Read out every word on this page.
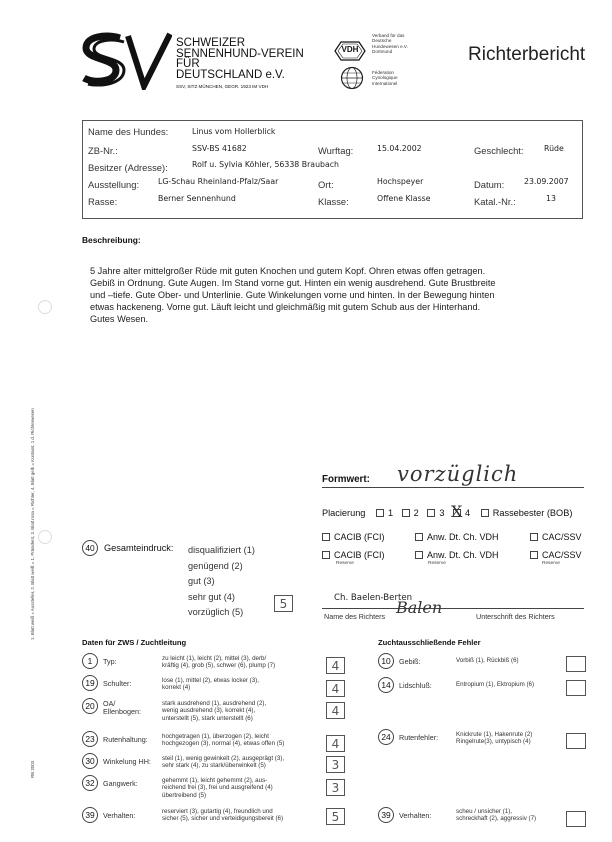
SCHWEIZER
SENNENHUND-VEREIN
FÜR
DEUTSCHLAND e.V.
SSV, SITZ MÜNCHEN, GEGR. 1923 IM VDH
VDH
Verband für das
Deutsche
Hundewesen e.V.
Dortmund
Féderation
Cynologique
Internationel
Richterbericht
Name des Hundes:	Linus vom Hollerblick
ZB-Nr.:	SSV-BS 41682	Wurftag:	15.04.2002	Geschlecht:	Rüde
Besitzer (Adresse):	Rolf u. Sylvia Köhler, 56338 Braubach
Ausstellung: LG-Schau Rheinland-Pfalz/Saar	Ort:	Hochspeyer	Datum:	23.09.2007
Rasse:	Berner Sennenhund	Klasse:	Offene Klasse	Katal.-Nr.:	13
Beschreibung:
5 Jahre alter mittelgroßer Rüde mit guten Knochen und gutem Kopf. Ohren etwas offen getragen.
Gebiß in Ordnung. Gute Augen. Im Stand vorne gut. Hinten ein wenig ausdrehend. Gute Brustbreite
und –tiefe. Gute Ober- und Unterlinie. Gute Winkelungen vorne und hinten. In der Bewegung hinten
etwas hackeneng. Vorne gut. Läuft leicht und gleichmäßig mit gutem Schub aus der Hinterhand.
Gutes Wesen.
1. Blatt weiß = Aussteller, 2. Blatt weiß = 1. Präsident, 3. Blatt rosa = Richter, 4. Blatt gelb = Kontaint, 1 d. Richterwesen
RB 2003
Formwert: vorzüglich
Placierung 1 2 3 4
X	Rassebester (BOB)
CACIB (FCI)	Anw. Dt. Ch. VDH	CAC/SSV
CACIB (FCI)	Anw. Dt. Ch. VDH	CAC/SSV
Reserve	Reserve	Reserve
40	Gesamteindruck: disqualifiziert (1)
genügend (2)
gut (3)
sehr gut (4)
vorzüglich (5)
5	Ch. Baelen-Berten
Name des Richters Balen	Unterschrift des Richters
Daten für ZWS / Zuchtleitung	Zuchtausschließende Fehler
1	Typ:	zu leicht (1), leicht (2), mittel (3), derb/
kräftig (4), grob (5), schwer (6), plump (7)	4
19	Schulter:	lose (1), mittel (2), etwas locker (3),
korrekt (4)	4
20	OA/
Ellenbogen:
stark ausdrehend (1), ausdrehend (2),
wenig ausdrehend (3), korrekt (4),
unterstellt (5), stark unterstellt (6)
4
23	Rutenhaltung: hochgetragen (1), überzogen (2), leicht
hochgezogen (3), normal (4), etwas offen (5)	4
30	Winkelung HH: steil (1), wenig gewinkelt (2), ausgeprägt (3),
sehr stark (4), zu stark/überwinkelt (5)	3
32	Gangwerk:	gehemmt (1), leicht gehemmt (2), aus-
reichend frei (3), frei und ausgreifend (4)
übertreibend (5)
3
39	Verhalten:	reserviert (3), gutartig (4), freundlich und
sicher (5), sicher und verteidigungsbereit (6)	5
10	Gebiß:	Vorbiß (1), Rückbiß (6)
14	Lidschluß:	Entropium (1), Ektropium (6)
24	Rutenfehler:	Knickrute (1), Hakenrute (2)
Ringelrute(3), untypisch (4)
39	Verhalten:	scheu / unsicher (1),
schreckhaft (2), aggressiv (7)
